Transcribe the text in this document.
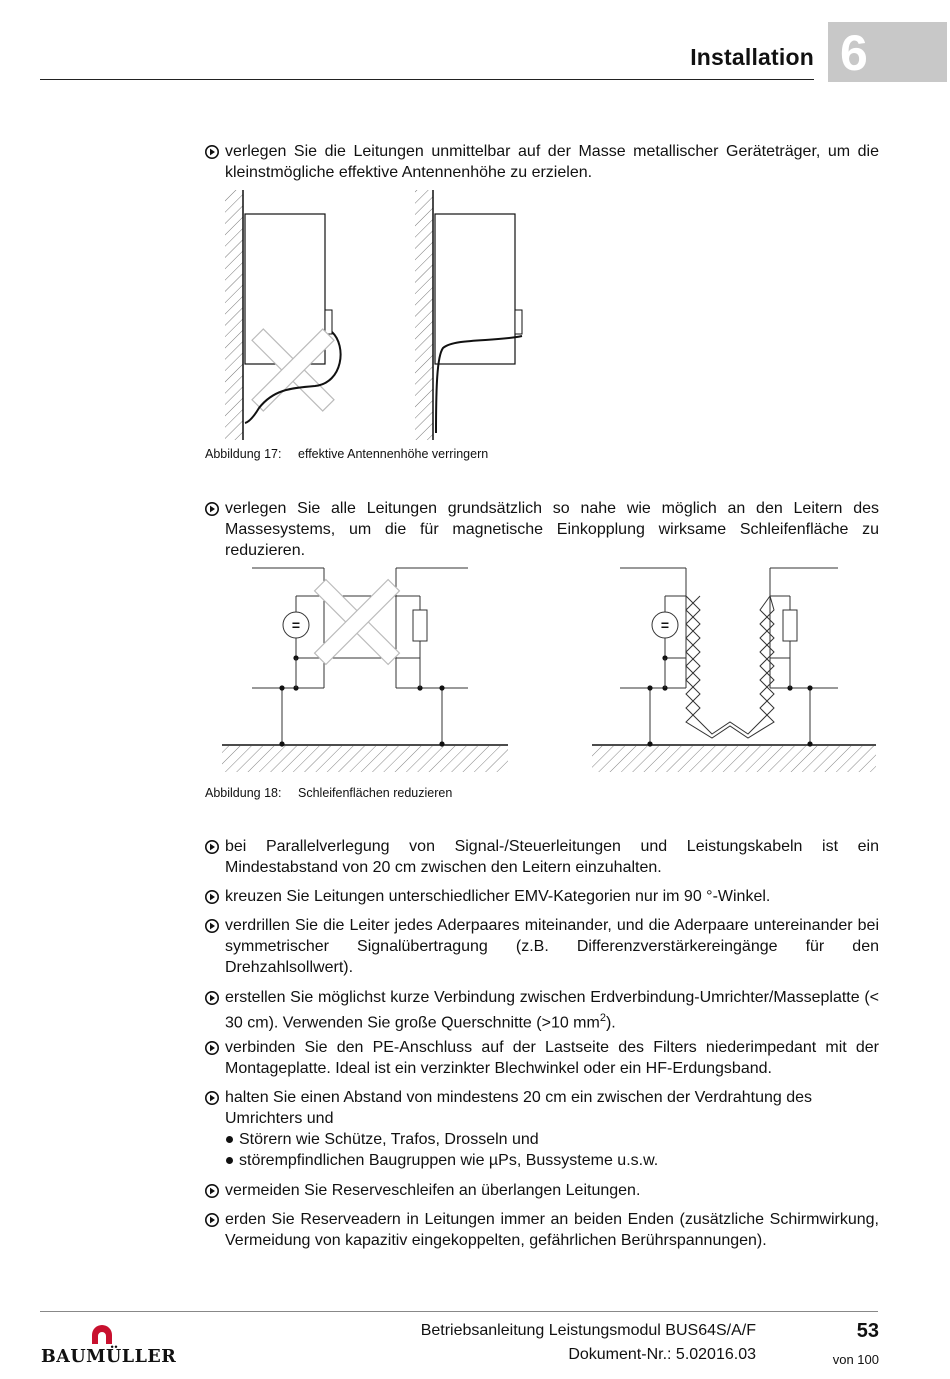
Installation 6
verlegen Sie die Leitungen unmittelbar auf der Masse metallischer Geräteträger, um die kleinstmögliche effektive Antennenhöhe zu erzielen.
Abbildung 17: effektive Antennenhöhe verringern
verlegen Sie alle Leitungen grundsätzlich so nahe wie möglich an den Leitern des Massesystems, um die für magnetische Einkopplung wirksame Schleifenfläche zu reduzieren.
=	=
Abbildung 18: Schleifenflächen reduzieren
bei Parallelverlegung von Signal-/Steuerleitungen und Leistungskabeln ist ein Mindestabstand von 20 cm zwischen den Leitern einzuhalten.
kreuzen Sie Leitungen unterschiedlicher EMV-Kategorien nur im 90 °-Winkel.
verdrillen Sie die Leiter jedes Aderpaares miteinander, und die Aderpaare untereinander bei symmetrischer Signalübertragung (z.B. Differenzverstärkereingänge für den Drehzahlsollwert).
erstellen Sie möglichst kurze Verbindung zwischen Erdverbindung-Umrichter/Masseplatte (< 30 cm). Verwenden Sie große Querschnitte (>10 $mm^2$).
verbinden Sie den PE-Anschluss auf der Lastseite des Filters niederimpedant mit der Montageplatte. Ideal ist ein verzinkter Blechwinkel oder ein HF-Erdungsband.
halten Sie einen Abstand von mindestens 20 cm ein zwischen der Verdrahtung des Umrichters und
Störern wie Schütze, Trafos, Drosseln und
störempfindlichen Baugruppen wie µPs, Bussysteme u.s.w.
vermeiden Sie Reserveschleifen an überlangen Leitungen.
erden Sie Reserveadern in Leitungen immer an beiden Enden (zusätzliche Schirmwirkung, Vermeidung von kapazitiv eingekoppelten, gefährlichen Berührspannungen).
BAUMÜLLER
Betriebsanleitung Leistungsmodul BUS64S/A/F
Dokument-Nr.: 5.02016.03
53
von 100
